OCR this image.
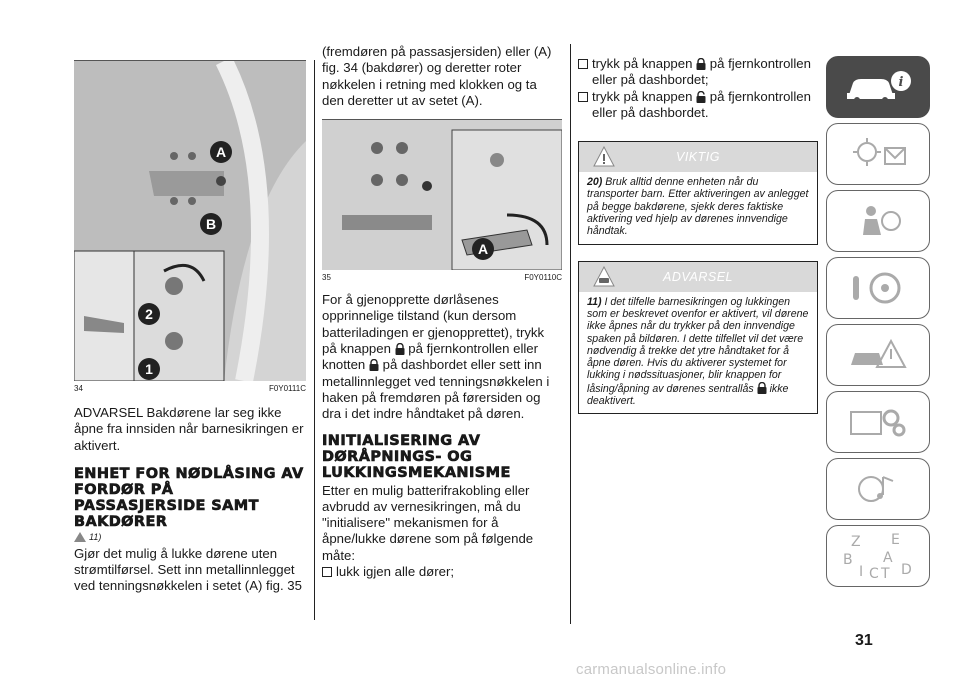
A
B
2
1
34	F0Y0111C

ADVARSEL Bakdørene lar seg ikke åpne fra innsiden når barnesikringen er aktivert.

ENHET FOR NØDLÅSING AV FORDØR PÅ PASSASJERSIDE SAMT BAKDØRER
11)

Gjør det mulig å lukke dørene uten strømtilførsel. Sett inn metallinnlegget ved tenningsnøkkelen i setet (A) fig. 35

(fremdøren på passasjersiden) eller (A) fig. 34 (bakdører) og deretter roter nøkkelen i retning med klokken og ta den deretter ut av setet (A).

A
35	F0Y0110C

For å gjenopprette dørlåsenes opprinnelige tilstand (kun dersom batteriladingen er gjenopprettet), trykk på knappen på fjernkontrollen eller knotten på dashbordet eller sett inn metallinnlegget ved tenningsnøkkelen i haken på fremdøren på førersiden og dra i det indre håndtaket på døren.

INITIALISERING AV DØRÅPNINGS- OG LUKKINGSMEKANISME

Etter en mulig batterifrakobling eller avbrudd av vernesikringen, må du "initialisere" mekanismen for å åpne/lukke dørene som på følgende måte:

lukk igjen alle dører;

trykk på knappen på fjernkontrollen eller på dashbordet;

trykk på knappen på fjernkontrollen eller på dashbordet.

VIKTIG
20) Bruk alltid denne enheten når du transporter barn. Etter aktiveringen av anlegget på begge bakdørene, sjekk deres faktiske aktivering ved hjelp av dørenes innvendige håndtak.
ADVARSEL
11) I det tilfelle barnesikringen og lukkingen som er beskrevet ovenfor er aktivert, vil dørene ikke åpnes når du trykker på den innvendige spaken på bildøren. I dette tilfellet vil det være nødvendig å trekke det ytre håndtaket for å åpne døren. Hvis du aktiverer systemet for lukking i nødssituasjoner, blir knappen for låsing/åpning av dørenes sentrallås ikke deaktivert.
i
Z E
B A
C T D
I
31
carmanualsonline.info
